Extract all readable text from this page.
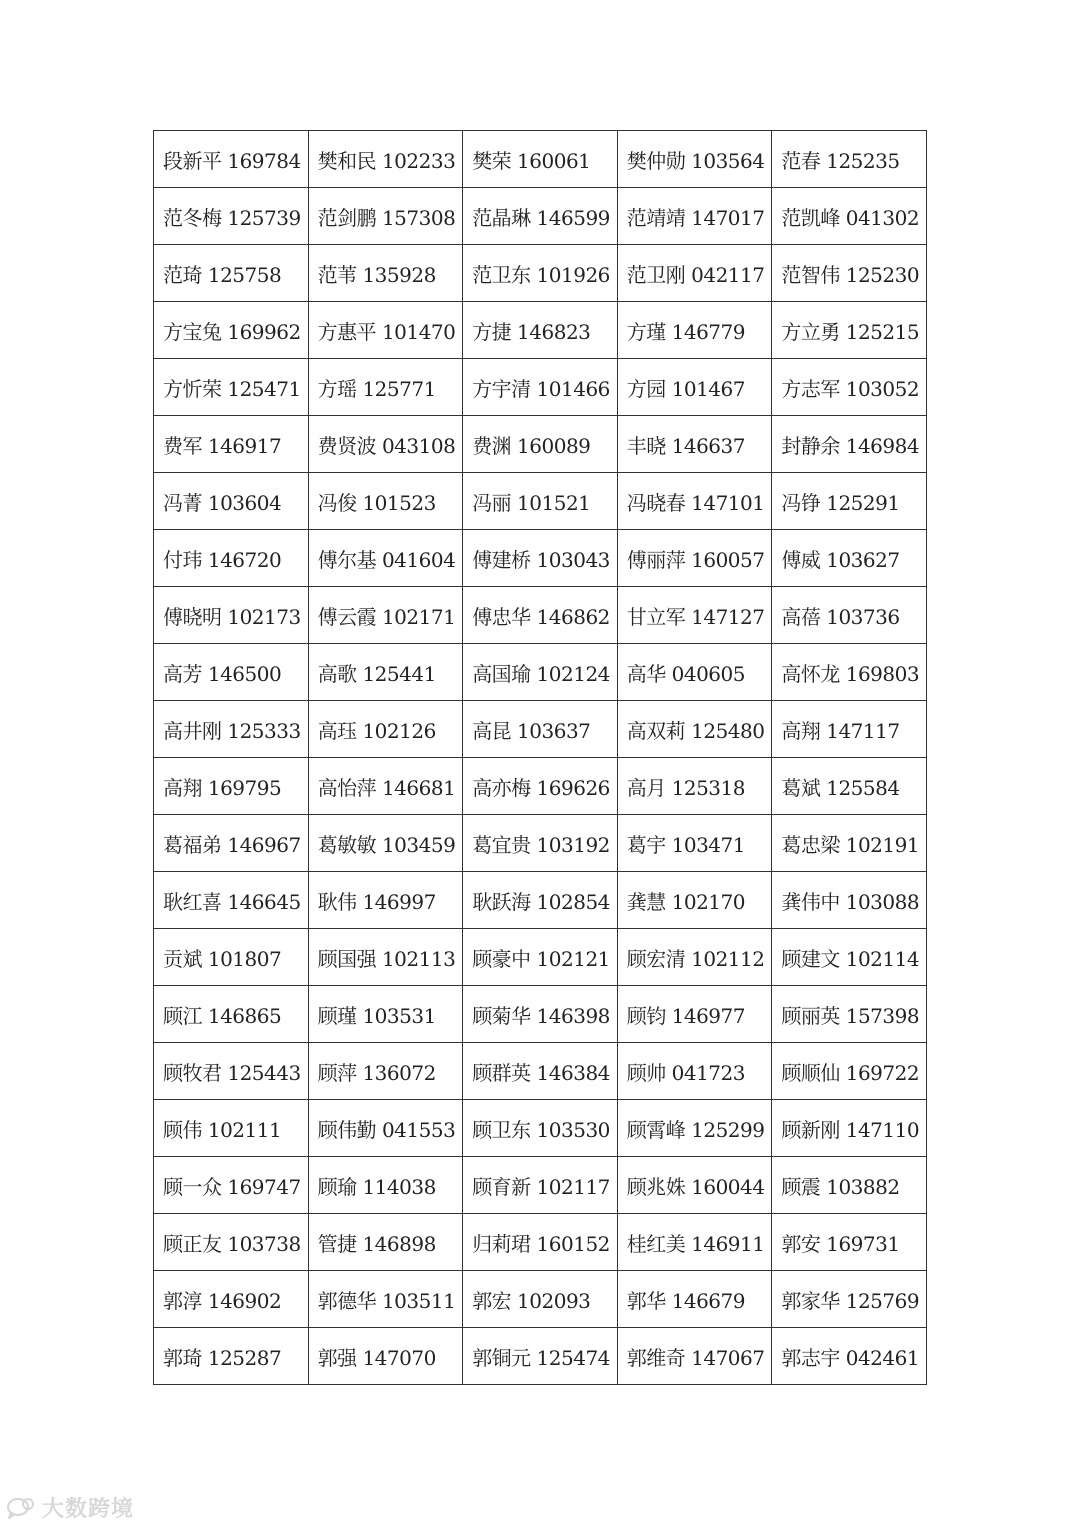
段新平 169784	樊和民 102233	樊荣 160061	樊仲勋 103564	范春 125235
范冬梅 125739	范剑鹏 157308	范晶琳 146599	范靖靖 147017	范凯峰 041302
范琦 125758	范苇 135928	范卫东 101926	范卫刚 042117	范智伟 125230
方宝兔 169962	方惠平 101470	方捷 146823	方瑾 146779	方立勇 125215
方忻荣 125471	方瑶 125771	方宇清 101466	方园 101467	方志军 103052
费军 146917	费贤波 043108	费渊 160089	丰晓 146637	封静余 146984
冯菁 103604	冯俊 101523	冯丽 101521	冯晓春 147101	冯铮 125291
付玮 146720	傅尔基 041604	傅建桥 103043	傅丽萍 160057	傅威 103627
傅晓明 102173	傅云霞 102171	傅忠华 146862	甘立军 147127	高蓓 103736
高芳 146500	高歌 125441	高国瑜 102124	高华 040605	高怀龙 169803
高井刚 125333	高珏 102126	高昆 103637	高双莉 125480	高翔 147117
高翔 169795	高怡萍 146681	高亦梅 169626	高月 125318	葛斌 125584
葛福弟 146967	葛敏敏 103459	葛宜贵 103192	葛宇 103471	葛忠梁 102191
耿红喜 146645	耿伟 146997	耿跃海 102854	龚慧 102170	龚伟中 103088
贡斌 101807	顾国强 102113	顾豪中 102121	顾宏清 102112	顾建文 102114
顾江 146865	顾瑾 103531	顾菊华 146398	顾钧 146977	顾丽英 157398
顾牧君 125443	顾萍 136072	顾群英 146384	顾帅 041723	顾顺仙 169722
顾伟 102111	顾伟勤 041553	顾卫东 103530	顾霄峰 125299	顾新刚 147110
顾一众 169747	顾瑜 114038	顾育新 102117	顾兆姝 160044	顾震 103882
顾正友 103738	管捷 146898	归莉珺 160152	桂红美 146911	郭安 169731
郭淳 146902	郭德华 103511	郭宏 102093	郭华 146679	郭家华 125769
郭琦 125287	郭强 147070	郭铜元 125474	郭维奇 147067	郭志宇 042461
大数跨境
